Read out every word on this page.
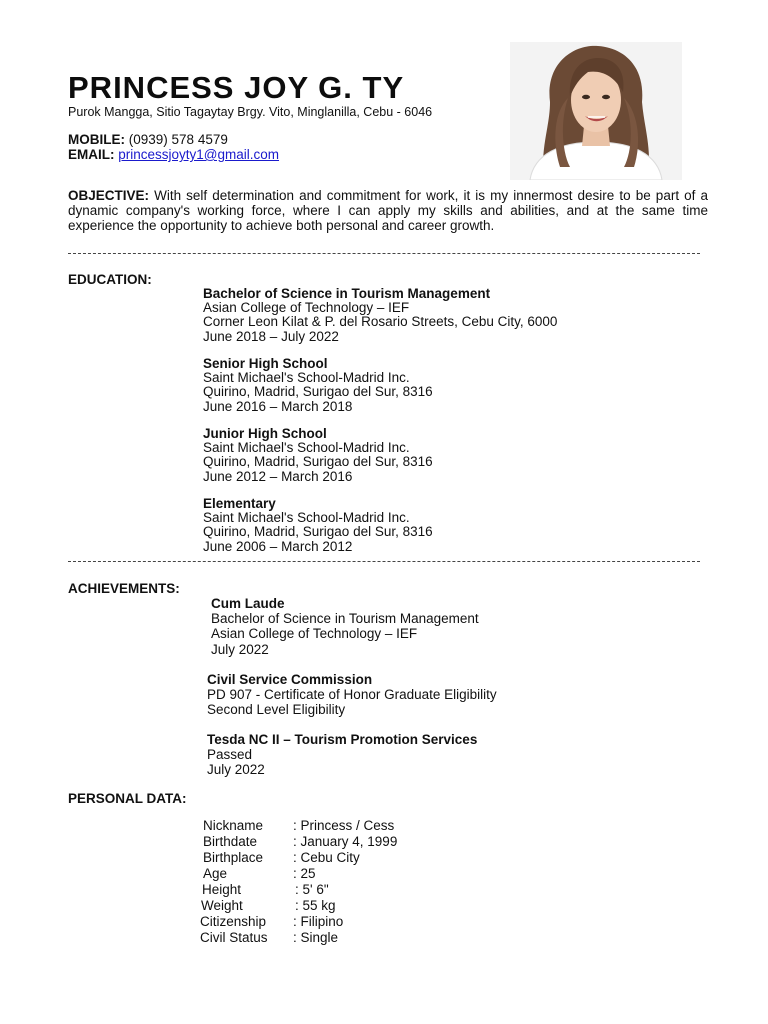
PRINCESS JOY G. TY
Purok Mangga, Sitio Tagaytay Brgy. Vito, Minglanilla, Cebu - 6046
MOBILE: (0939) 578 4579
EMAIL: princessjoyty1@gmail.com
OBJECTIVE: With self determination and commitment for work, it is my innermost desire to be part of a dynamic company's working force, where I can apply my skills and abilities, and at the same time experience the opportunity to achieve both personal and career growth.
EDUCATION:
Bachelor of Science in Tourism Management
Asian College of Technology – IEF
Corner Leon Kilat & P. del Rosario Streets, Cebu City, 6000
June 2018 – July 2022
Senior High School
Saint Michael's School-Madrid Inc.
Quirino, Madrid, Surigao del Sur, 8316
June 2016 – March 2018
Junior High School
Saint Michael's School-Madrid Inc.
Quirino, Madrid, Surigao del Sur, 8316
June 2012 – March 2016
Elementary
Saint Michael's School-Madrid Inc.
Quirino, Madrid, Surigao del Sur, 8316
June 2006 – March 2012
ACHIEVEMENTS:
Cum Laude
Bachelor of Science in Tourism Management
Asian College of Technology – IEF
July 2022
Civil Service Commission
PD 907 - Certificate of Honor Graduate Eligibility
Second Level Eligibility
Tesda NC II – Tourism Promotion Services
Passed
July 2022
PERSONAL DATA:
Nickname : Princess / Cess
Birthdate	: January 4, 1999
Birthplace : Cebu City
Age	: 25
Height	: 5' 6"
Weight	: 55 kg
Citizenship : Filipino
Civil Status : Single
